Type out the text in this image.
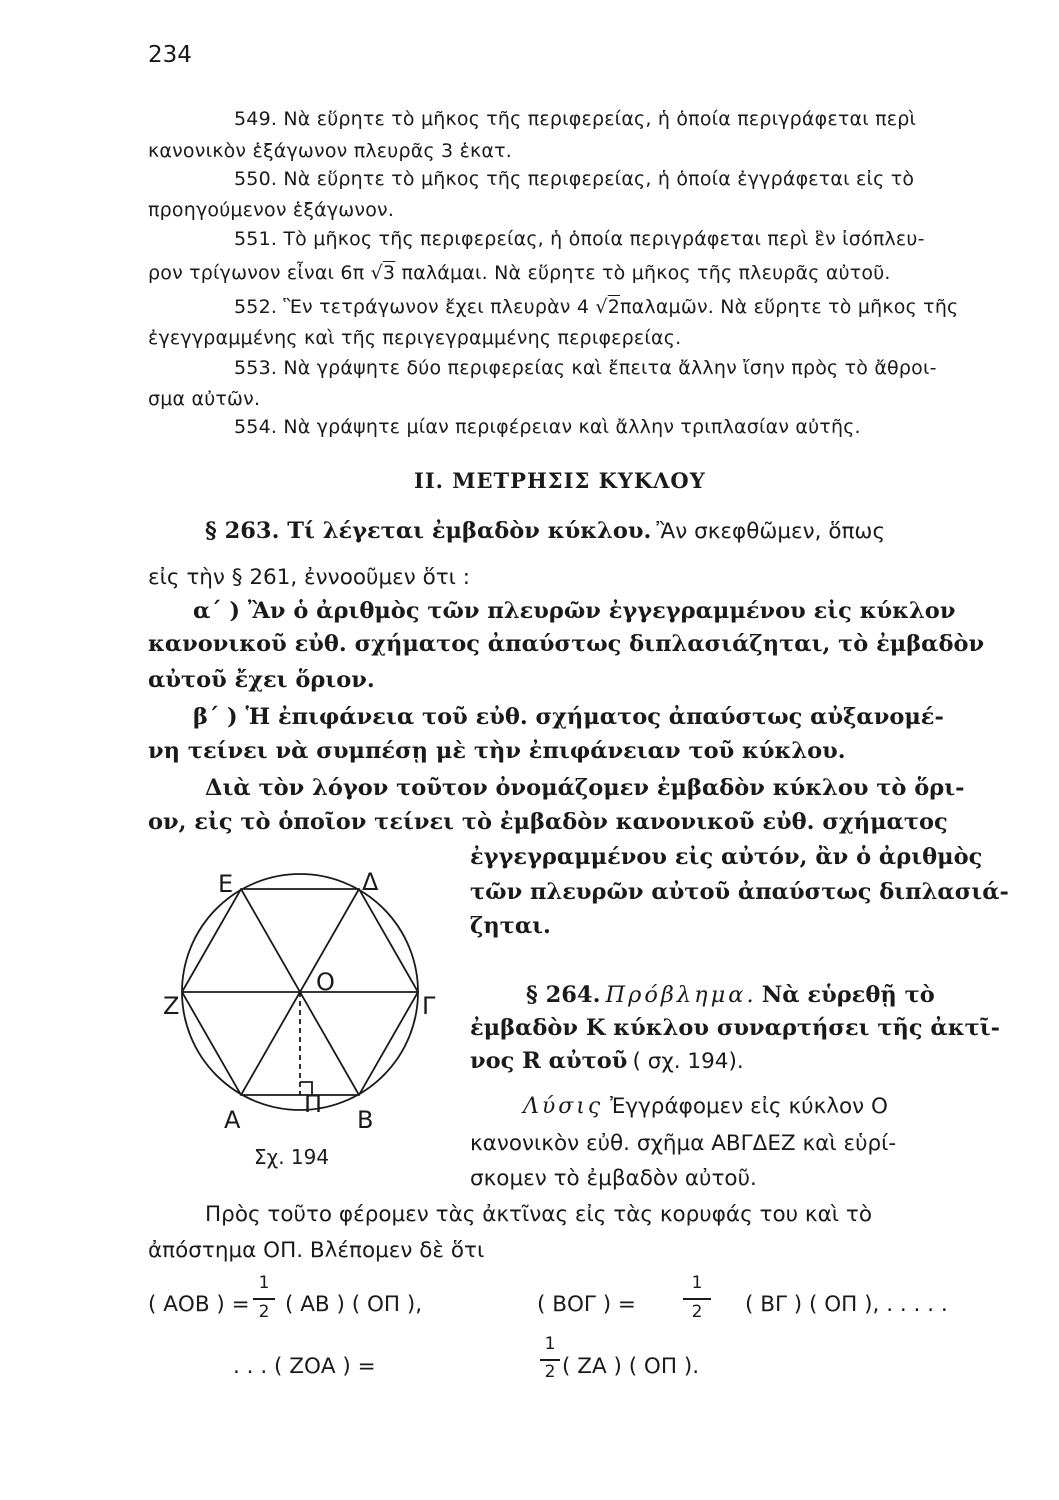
234
549. Νὰ εὕρητε τὸ μῆκος τῆς περιφερείας, ἡ ὁποία περιγράφεται περὶ
κανονικὸν ἑξάγωνον πλευρᾶς 3 ἑκατ.
550. Νὰ εὕρητε τὸ μῆκος τῆς περιφερείας, ἡ ὁποία ἐγγράφεται εἰς τὸ
προηγούμενον ἑξάγωνον.
551. Τὸ μῆκος τῆς περιφερείας, ἡ ὁποία περιγράφεται περὶ ἓν ἰσόπλευ-
ρον τρίγωνον εἶναι 6π √3 παλάμαι. Νὰ εὕρητε τὸ μῆκος τῆς πλευρᾶς αὐτοῦ.
552. Ἓν τετράγωνον ἔχει πλευρὰν 4 √2παλαμῶν. Νὰ εὕρητε τὸ μῆκος τῆς
ἐγεγγραμμένης καὶ τῆς περιγεγραμμένης περιφερείας.
553. Νὰ γράψητε δύο περιφερείας καὶ ἔπειτα ἄλλην ἴσην πρὸς τὸ ἄθροι-
σμα αὐτῶν.
554. Νὰ γράψητε μίαν περιφέρειαν καὶ ἄλλην τριπλασίαν αὐτῆς.
II. ΜΕΤΡΗΣΙΣ ΚΥΚΛΟΥ
§ 263. Τί λέγεται ἐμβαδὸν κύκλου. Ἂν σκεφθῶμεν, ὅπως
εἰς τὴν § 261, ἐννοοῦμεν ὅτι :
α΄ ) Ἂν ὁ ἀριθμὸς τῶν πλευρῶν ἐγγεγραμμένου εἰς κύκλον
κανονικοῦ εὐθ. σχήματος ἀπαύστως διπλασιάζηται, τὸ ἐμβαδὸν
αὐτοῦ ἔχει ὅριον.
β΄ ) Ἡ ἐπιφάνεια τοῦ εὐθ. σχήματος ἀπαύστως αὐξανομέ-
νη τείνει νὰ συμπέσῃ μὲ τὴν ἐπιφάνειαν τοῦ κύκλου.
Διὰ τὸν λόγον τοῦτον ὀνομάζομεν ἐμβαδὸν κύκλου τὸ ὅρι-
ον, εἰς τὸ ὁποῖον τείνει τὸ ἐμβαδὸν κανονικοῦ εὐθ. σχήματος
ἐγγεγραμμένου εἰς αὐτόν, ἂν ὁ ἀριθμὸς
τῶν πλευρῶν αὐτοῦ ἀπαύστως διπλασιά-
ζηται.
§ 264. Πρόβλημα. Νὰ εὑρεθῇ τὸ
ἐμβαδὸν K κύκλου συναρτήσει τῆς ἀκτῖ-
νος R αὐτοῦ ( σχ. 194).
Λύσις Ἐγγράφομεν εἰς κύκλον Ο
κανονικὸν εὐθ. σχῆμα ΑΒΓΔΕΖ καὶ εὑρί-
σκομεν τὸ ἐμβαδὸν αὐτοῦ.
Πρὸς τοῦτο φέρομεν τὰς ἀκτῖνας εἰς τὰς κορυφάς του καὶ τὸ
ἀπόστημα ΟΠ. Βλέπομεν δὲ ὅτι
( ΑΟΒ ) =
1
2 ( ΑΒ ) ( ΟΠ ),	( ΒΟΓ ) =
1
2 ( ΒΓ ) ( ΟΠ ), . . . . .
. . . ( ΖΟΑ ) =
1
2 ( ΖΑ ) ( ΟΠ ).
Ε	Δ
Ζ
Ο
Γ
Π
Α	Β
Σχ. 194
